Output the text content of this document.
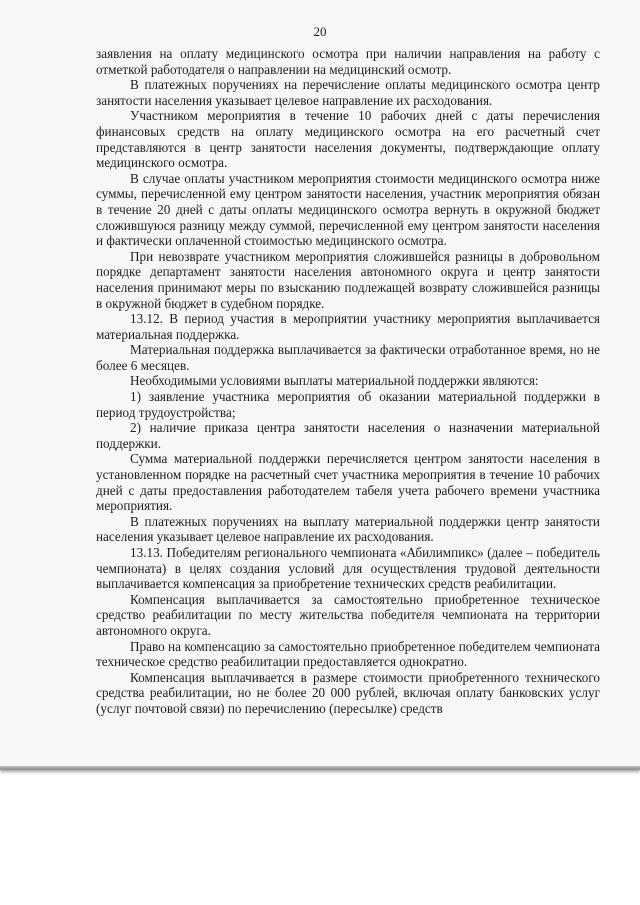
20

заявления на оплату медицинского осмотра при наличии направления на работу с отметкой работодателя о направлении на медицинский осмотр.

В платежных поручениях на перечисление оплаты медицинского осмотра центр занятости населения указывает целевое направление их расходования.

Участником мероприятия в течение 10 рабочих дней с даты перечисления финансовых средств на оплату медицинского осмотра на его расчетный счет представляются в центр занятости населения документы, подтверждающие оплату медицинского осмотра.

В случае оплаты участником мероприятия стоимости медицинского осмотра ниже суммы, перечисленной ему центром занятости населения, участник мероприятия обязан в течение 20 дней с даты оплаты медицинского осмотра вернуть в окружной бюджет сложившуюся разницу между суммой, перечисленной ему центром занятости населения и фактически оплаченной стоимостью медицинского осмотра.

При невозврате участником мероприятия сложившейся разницы в добровольном порядке департамент занятости населения автономного округа и центр занятости населения принимают меры по взысканию подлежащей возврату сложившейся разницы в окружной бюджет в судебном порядке.

13.12. В период участия в мероприятии участнику мероприятия выплачивается материальная поддержка.

Материальная поддержка выплачивается за фактически отработанное время, но не более 6 месяцев.

Необходимыми условиями выплаты материальной поддержки являются:

1) заявление участника мероприятия об оказании материальной поддержки в период трудоустройства;

2) наличие приказа центра занятости населения о назначении материальной поддержки.

Сумма материальной поддержки перечисляется центром занятости населения в установленном порядке на расчетный счет участника мероприятия в течение 10 рабочих дней с даты предоставления работодателем табеля учета рабочего времени участника мероприятия.

В платежных поручениях на выплату материальной поддержки центр занятости населения указывает целевое направление их расходования.

13.13. Победителям регионального чемпионата «Абилимпикс» (далее – победитель чемпионата) в целях создания условий для осуществления трудовой деятельности выплачивается компенсация за приобретение технических средств реабилитации.

Компенсация выплачивается за самостоятельно приобретенное техническое средство реабилитации по месту жительства победителя чемпионата на территории автономного округа.

Право на компенсацию за самостоятельно приобретенное победителем чемпионата техническое средство реабилитации предоставляется однократно.

Компенсация выплачивается в размере стоимости приобретенного технического средства реабилитации, но не более 20 000 рублей, включая оплату банковских услуг (услуг почтовой связи) по перечислению (пересылке) средств
